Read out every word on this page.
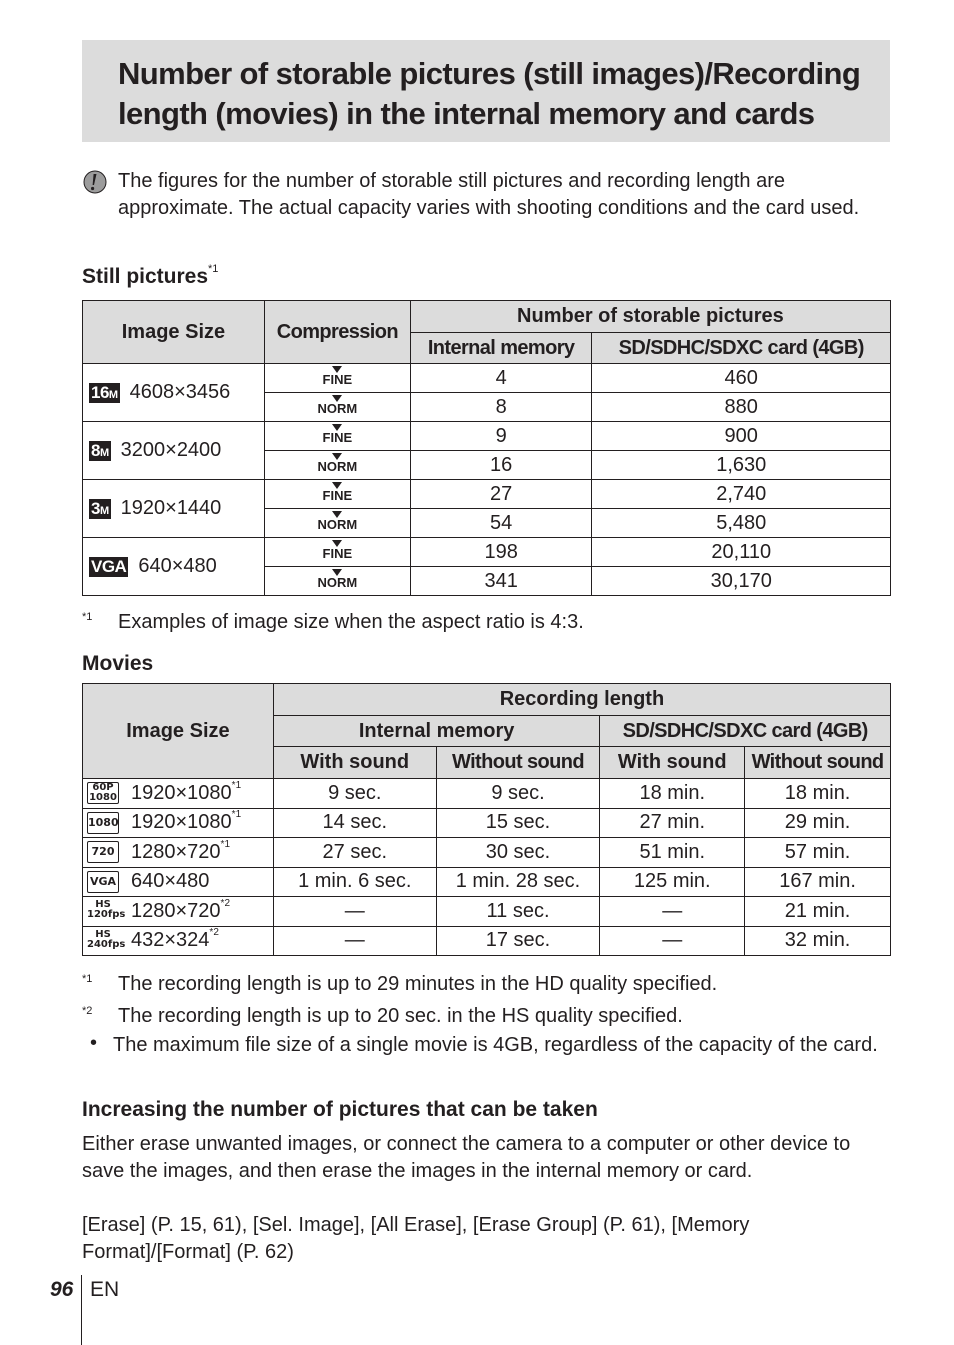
Number of storable pictures (still images)/Recording length (movies) in the internal memory and cards

The figures for the number of storable still pictures and recording length are approximate. The actual capacity varies with shooting conditions and the card used.

Still pictures$^{*1}$
Image Size	Compression	Number of storable pictures	
		Internal memory	SD/SDHC/SDXC card (4GB)
16M 4608×3456	FINE	4	460
	NORM	8	880
8M 3200×2400	FINE	9	900
	NORM	16	1,630
3M 1920×1440	FINE	27	2,740
	NORM	54	5,480
VGA 640×480	FINE	198	20,110
	NORM	341	30,170
*1 Examples of image size when the aspect ratio is 4:3.

Movies
Image Size	Recording length			
	Internal memory		SD/SDHC/SDXC card (4GB)	
	With sound	Without sound	With sound	Without sound

60P
1080 $1920\times 1080^{*1}$	9 sec.	9 sec.	18 min.	18 min.

1080 $1920\times 1080^{*1}$	14 sec.	15 sec.	27 min.	29 min.

720 $1280\times 720^{*1}$	27 sec.	30 sec.	51 min.	57 min.

VGA 640×480	1 min. 6 sec.	1 min. 28 sec.	125 min.	167 min.

HS
120fps $1280\times 720^{*2}$	—	11 sec.	—	21 min.

HS
240fps $432\times 324^{*2}$	—	17 sec.	—	32 min.
*1 The recording length is up to 29 minutes in the HD quality specified.

*2 The recording length is up to 20 sec. in the HS quality specified.

• The maximum file size of a single movie is 4GB, regardless of the capacity of the card.

Increasing the number of pictures that can be taken

Either erase unwanted images, or connect the camera to a computer or other device to save the images, and then erase the images in the internal memory or card.

[Erase] (P. 15, 61), [Sel. Image], [All Erase], [Erase Group] (P. 61), [Memory Format]/[Format] (P. 62)

96 EN
